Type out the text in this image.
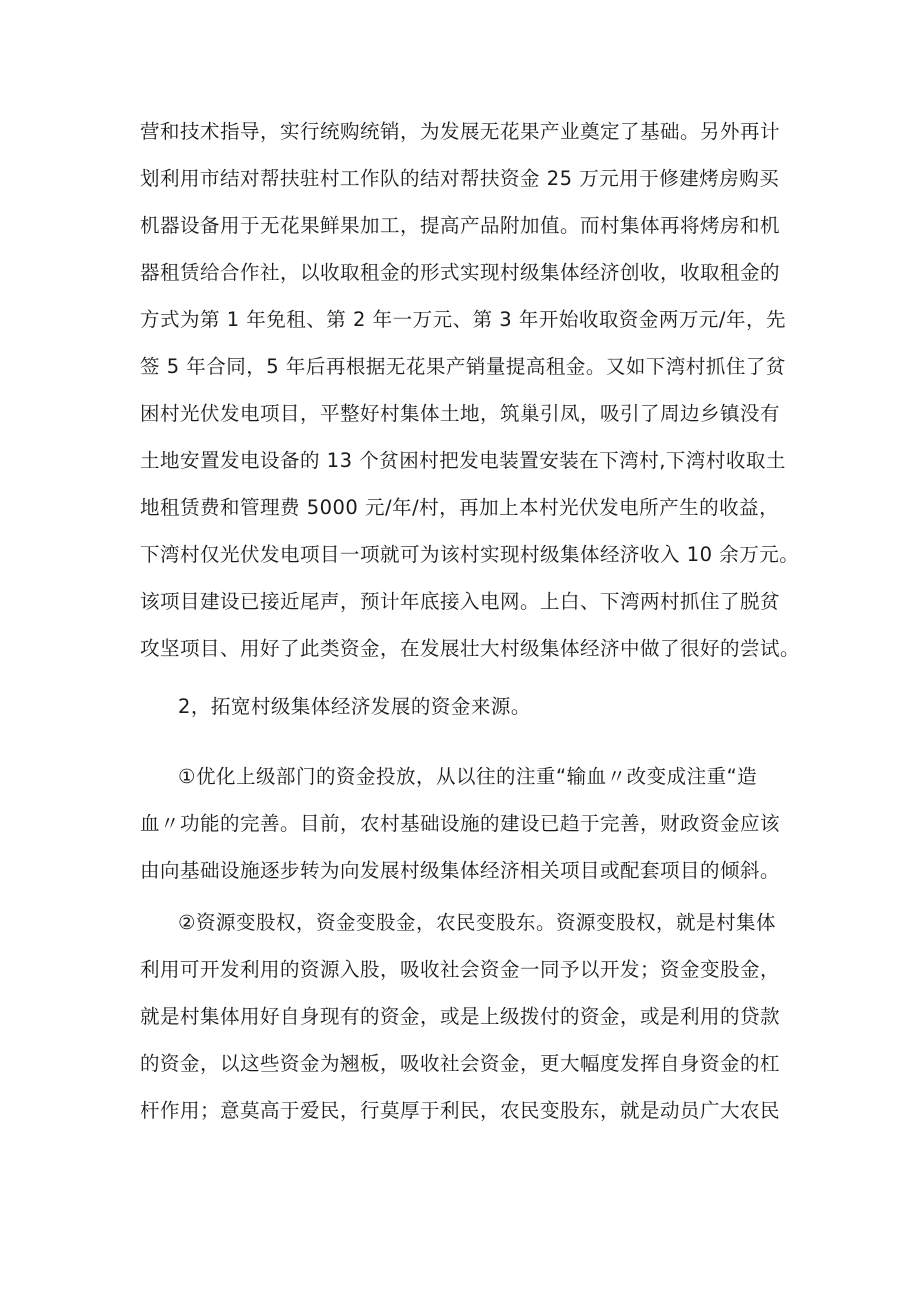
营和技术指导，实行统购统销，为发展无花果产业奠定了基础。另外再计
划利用市结对帮扶驻村工作队的结对帮扶资金 25 万元用于修建烤房购买
机器设备用于无花果鲜果加工，提高产品附加值。而村集体再将烤房和机
器租赁给合作社，以收取租金的形式实现村级集体经济创收，收取租金的
方式为第 1 年免租、第 2 年一万元、第 3 年开始收取资金两万元/年，先
签 5 年合同，5 年后再根据无花果产销量提高租金。又如下湾村抓住了贫
困村光伏发电项目，平整好村集体土地，筑巢引凤，吸引了周边乡镇没有
土地安置发电设备的 13 个贫困村把发电装置安装在下湾村,下湾村收取土
地租赁费和管理费 5000 元/年/村，再加上本村光伏发电所产生的收益，
下湾村仅光伏发电项目一项就可为该村实现村级集体经济收入 10 余万元。
该项目建设已接近尾声，预计年底接入电网。上白、下湾两村抓住了脱贫
攻坚项目、用好了此类资金，在发展壮大村级集体经济中做了很好的尝试。
2，拓宽村级集体经济发展的资金来源。
①优化上级部门的资金投放，从以往的注重“输血〃改变成注重“造
血〃功能的完善。目前，农村基础设施的建设已趋于完善，财政资金应该
由向基础设施逐步转为向发展村级集体经济相关项目或配套项目的倾斜。
②资源变股权，资金变股金，农民变股东。资源变股权，就是村集体
利用可开发利用的资源入股，吸收社会资金一同予以开发；资金变股金，
就是村集体用好自身现有的资金，或是上级拨付的资金，或是利用的贷款
的资金，以这些资金为翘板，吸收社会资金，更大幅度发挥自身资金的杠
杆作用；意莫高于爱民，行莫厚于利民，农民变股东，就是动员广大农民
